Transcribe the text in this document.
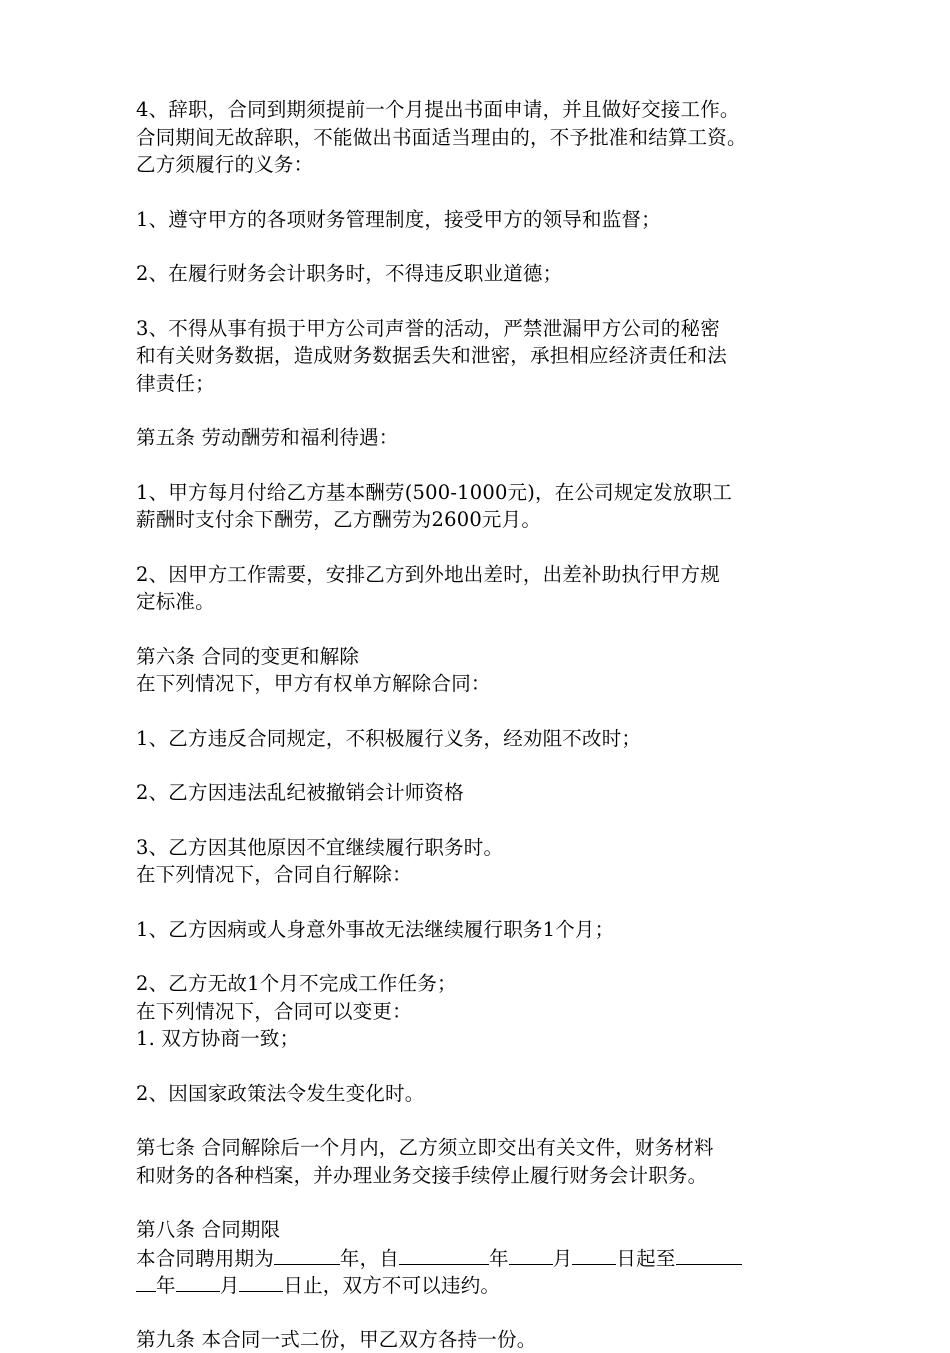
4、辞职，合同到期须提前一个月提出书面申请，并且做好交接工作。
合同期间无故辞职，不能做出书面适当理由的，不予批准和结算工资。
乙方须履行的义务：
1、遵守甲方的各项财务管理制度，接受甲方的领导和监督；
2、在履行财务会计职务时，不得违反职业道德；
3、不得从事有损于甲方公司声誉的活动，严禁泄漏甲方公司的秘密
和有关财务数据，造成财务数据丢失和泄密，承担相应经济责任和法
律责任；
第五条 劳动酬劳和福利待遇：
1、甲方每月付给乙方基本酬劳(500-1000元)，在公司规定发放职工
薪酬时支付余下酬劳，乙方酬劳为2600元月。
2、因甲方工作需要，安排乙方到外地出差时，出差补助执行甲方规
定标准。
第六条 合同的变更和解除
在下列情况下，甲方有权单方解除合同：
1、乙方违反合同规定，不积极履行义务，经劝阻不改时；
2、乙方因违法乱纪被撤销会计师资格
3、乙方因其他原因不宜继续履行职务时。
在下列情况下，合同自行解除：
1、乙方因病或人身意外事故无法继续履行职务1个月；
2、乙方无故1个月不完成工作任务；
在下列情况下，合同可以变更：
1. 双方协商一致；
2、因国家政策法令发生变化时。
第七条 合同解除后一个月内，乙方须立即交出有关文件，财务材料
和财务的各种档案，并办理业务交接手续停止履行财务会计职务。
第八条 合同期限
本合同聘用期为	年，自	年 月 日起至
年 月 日止，双方不可以违约。
第九条 本合同一式二份，甲乙双方各持一份。
